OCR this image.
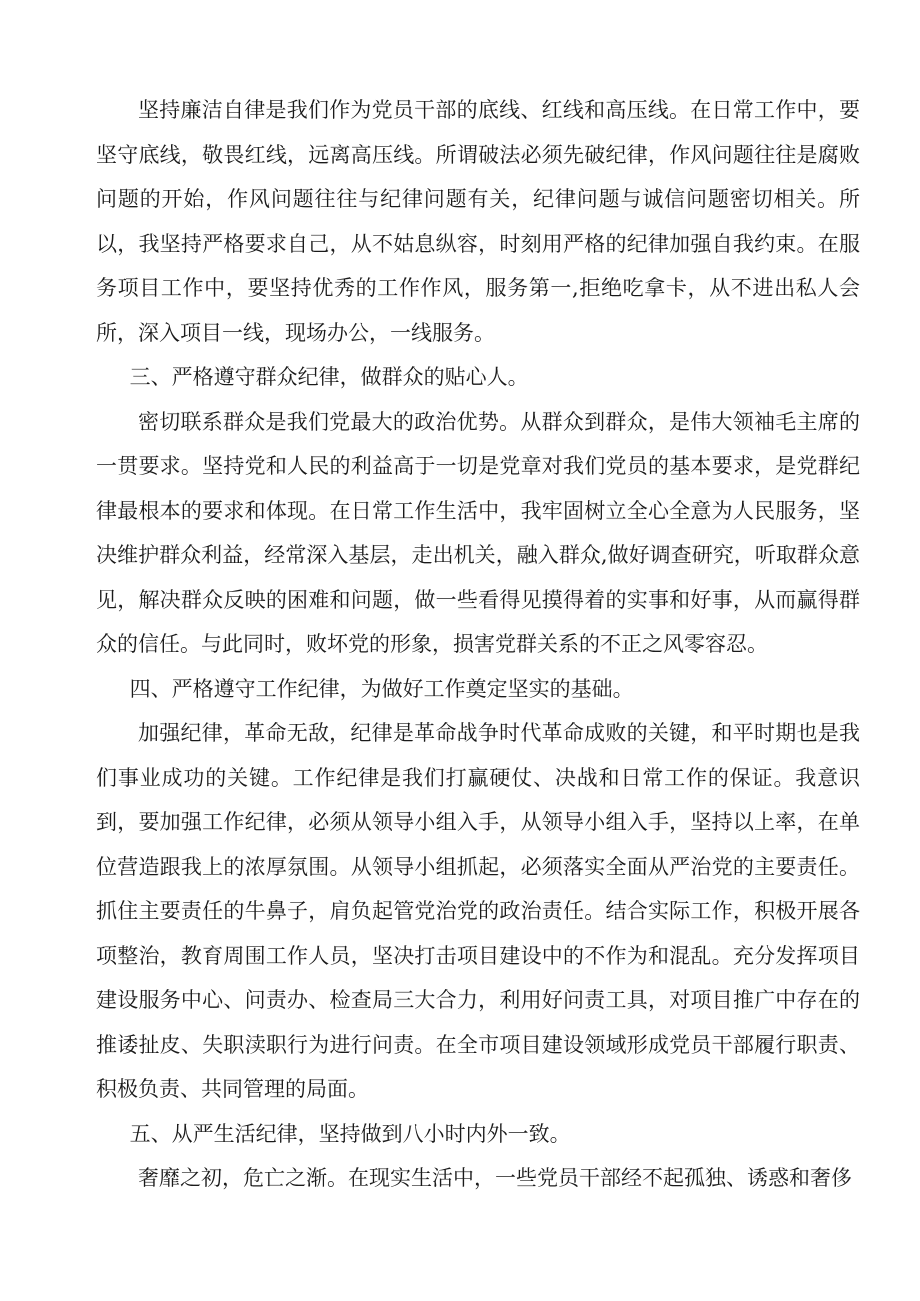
坚持廉洁自律是我们作为党员干部的底线、红线和高压线。在日常工作中，要坚守底线，敬畏红线，远离高压线。所谓破法必须先破纪律，作风问题往往是腐败问题的开始，作风问题往往与纪律问题有关，纪律问题与诚信问题密切相关。所以，我坚持严格要求自己，从不姑息纵容，时刻用严格的纪律加强自我约束。在服务项目工作中，要坚持优秀的工作作风，服务第一,拒绝吃拿卡，从不进出私人会所，深入项目一线，现场办公，一线服务。

三、严格遵守群众纪律，做群众的贴心人。

密切联系群众是我们党最大的政治优势。从群众到群众，是伟大领袖毛主席的一贯要求。坚持党和人民的利益高于一切是党章对我们党员的基本要求，是党群纪律最根本的要求和体现。在日常工作生活中，我牢固树立全心全意为人民服务，坚决维护群众利益，经常深入基层，走出机关，融入群众,做好调查研究，听取群众意见，解决群众反映的困难和问题，做一些看得见摸得着的实事和好事，从而赢得群众的信任。与此同时，败坏党的形象，损害党群关系的不正之风零容忍。

四、严格遵守工作纪律，为做好工作奠定坚实的基础。

加强纪律，革命无敌，纪律是革命战争时代革命成败的关键，和平时期也是我们事业成功的关键。工作纪律是我们打赢硬仗、决战和日常工作的保证。我意识到，要加强工作纪律，必须从领导小组入手，从领导小组入手，坚持以上率，在单位营造跟我上的浓厚氛围。从领导小组抓起，必须落实全面从严治党的主要责任。抓住主要责任的牛鼻子，肩负起管党治党的政治责任。结合实际工作，积极开展各项整治，教育周围工作人员，坚决打击项目建设中的不作为和混乱。充分发挥项目建设服务中心、问责办、检查局三大合力，利用好问责工具，对项目推广中存在的推诿扯皮、失职渎职行为进行问责。在全市项目建设领域形成党员干部履行职责、积极负责、共同管理的局面。

五、从严生活纪律，坚持做到八小时内外一致。

奢靡之初，危亡之渐。在现实生活中，一些党员干部经不起孤独、诱惑和奢侈
